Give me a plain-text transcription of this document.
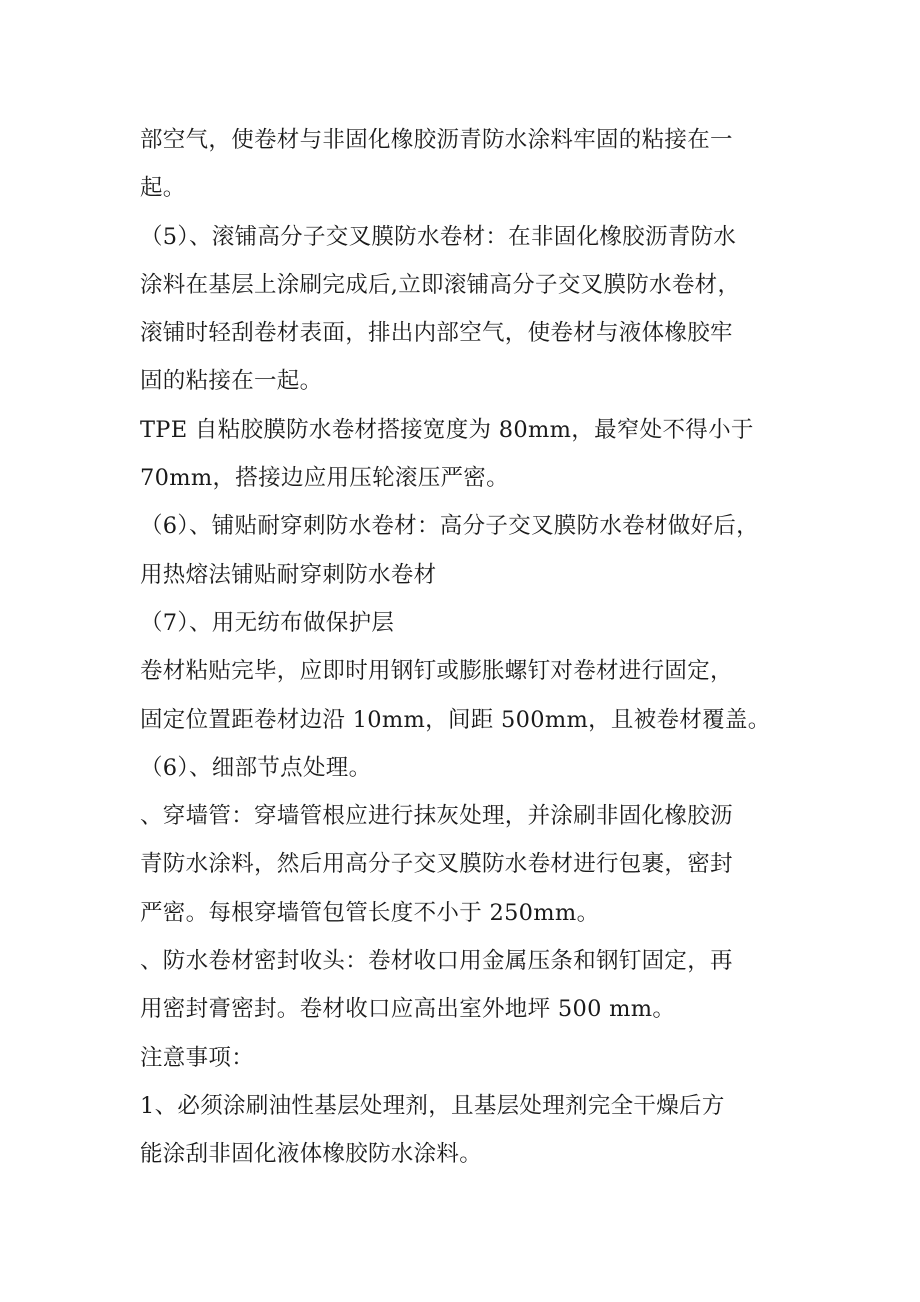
部空气，使卷材与非固化橡胶沥青防水涂料牢固的粘接在一
起。
（5）、滚铺高分子交叉膜防水卷材：在非固化橡胶沥青防水
涂料在基层上涂刷完成后,立即滚铺高分子交叉膜防水卷材，
滚铺时轻刮卷材表面，排出内部空气，使卷材与液体橡胶牢
固的粘接在一起。
TPE 自粘胶膜防水卷材搭接宽度为 80mm，最窄处不得小于
70mm，搭接边应用压轮滚压严密。
（6）、铺贴耐穿刺防水卷材：高分子交叉膜防水卷材做好后，
用热熔法铺贴耐穿刺防水卷材
（7）、用无纺布做保护层
卷材粘贴完毕，应即时用钢钉或膨胀螺钉对卷材进行固定，
固定位置距卷材边沿 10mm，间距 500mm，且被卷材覆盖。
（6）、细部节点处理。
、穿墙管：穿墙管根应进行抹灰处理，并涂刷非固化橡胶沥
青防水涂料，然后用高分子交叉膜防水卷材进行包裹，密封
严密。每根穿墙管包管长度不小于 250mm。
、防水卷材密封收头：卷材收口用金属压条和钢钉固定，再
用密封膏密封。卷材收口应高出室外地坪 500 mm。
注意事项：
1、必须涂刷油性基层处理剂，且基层处理剂完全干燥后方
能涂刮非固化液体橡胶防水涂料。
